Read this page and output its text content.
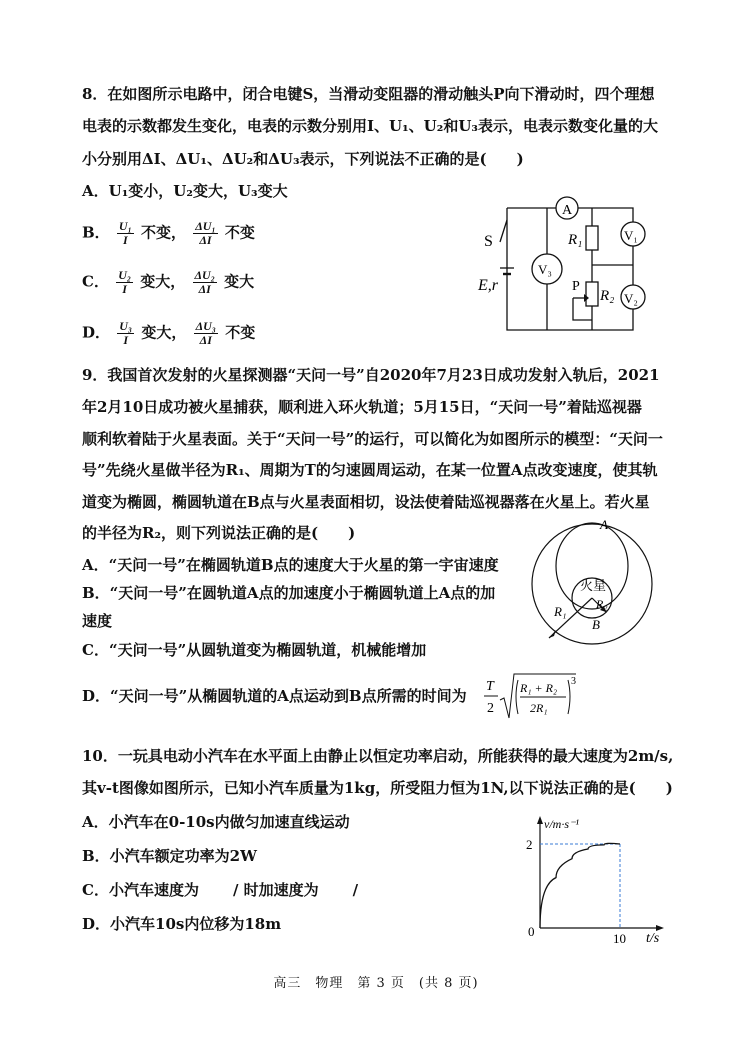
8．在如图所示电路中，闭合电键S，当滑动变阻器的滑动触头P向下滑动时，四个理想
电表的示数都发生变化，电表的示数分别用I、U₁、U₂和U₃表示，电表示数变化量的大
小分别用ΔI、ΔU₁、ΔU₂和ΔU₃表示，下列说法不正确的是(　　)
A．U₁变小，U₂变大，U₃变大
B． $\frac{\text{U₁}}{I}$ 不变， $\frac{\text{ΔU₁}}{\Delta I}$ 不变
C． $\frac{\text{U₂}}{I}$ 变大， $\frac{\text{ΔU₂}}{\Delta I}$ 变大
D． $\frac{\text{U₃}}{I}$ 变大， $\frac{\text{ΔU₃}}{\Delta I}$ 不变
A
S
V₃
R₁	V₁
E,r	P
R₂ V₂
9．我国首次发射的火星探测器“天问一号”自2020年7月23日成功发射入轨后，2021
年2月10日成功被火星捕获，顺利进入环火轨道；5月15日，“天问一号”着陆巡视器
顺利软着陆于火星表面。关于“天问一号”的运行，可以简化为如图所示的模型：“天问一
号”先绕火星做半径为R₁、周期为T的匀速圆周运动，在某一位置A点改变速度，使其轨
道变为椭圆，椭圆轨道在B点与火星表面相切，设法使着陆巡视器落在火星上。若火星
的半径为R₂，则下列说法正确的是(　　)
A．“天问一号”在椭圆轨道B点的速度大于火星的第一宇宙速度
B．“天问一号”在圆轨道A点的加速度小于椭圆轨道上A点的加
速度
C．“天问一号”从圆轨道变为椭圆轨道，机械能增加
D．“天问一号”从椭圆轨道的A点运动到B点所需的时间为
T
2
R₁ + R₂
2R₁
3
A
火星
R₁ R₂
B
10．一玩具电动小汽车在水平面上由静止以恒定功率启动，所能获得的最大速度为2m/s,
其v-t图像如图所示，已知小汽车质量为1kg，所受阻力恒为1N,以下说法正确的是(　　)
A．小汽车在0-10s内做匀加速直线运动
B．小汽车额定功率为2W
C．小汽车速度为 / 时加速度为 /
D．小汽车10s内位移为18m
v/m·s⁻¹
t/s
0
2
10
高三　物理　第 3 页　(共 8 页)
